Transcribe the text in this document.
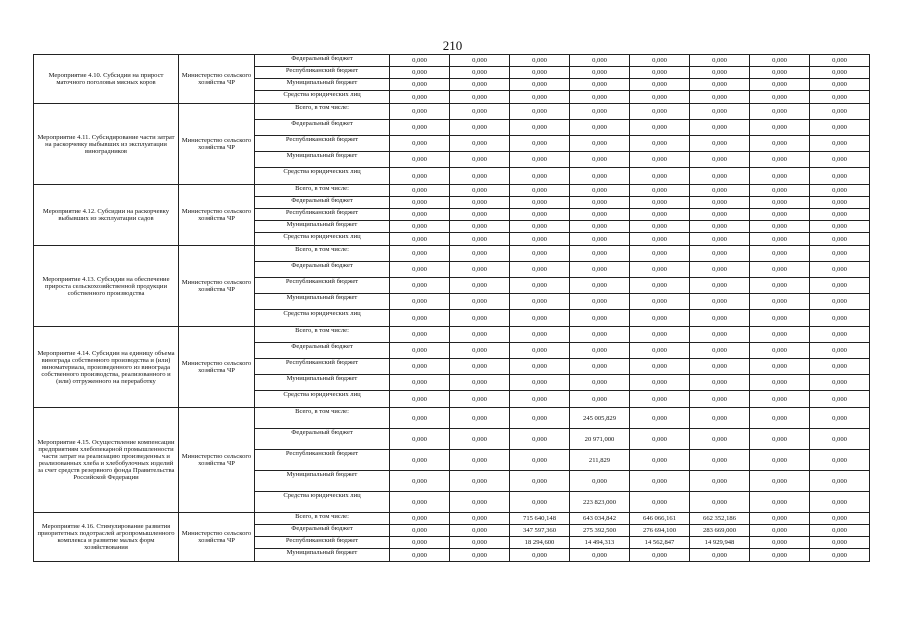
210
Мероприятие 4.10. Субсидии на прирост маточного поголовья мясных коров	Министерство сельского хозяйства ЧР	Федеральный бюджет	0,000	0,000	0,000	0,000	0,000	0,000	0,000	0,000
		Республиканский бюджет	0,000	0,000	0,000	0,000	0,000	0,000	0,000	0,000
		Муниципальный бюджет	0,000	0,000	0,000	0,000	0,000	0,000	0,000	0,000
		Средства юридических лиц	0,000	0,000	0,000	0,000	0,000	0,000	0,000	0,000

Мероприятие 4.11. Субсидирование части затрат на раскорчевку выбывших из эксплуатации виноградников	Министерство сельского хозяйства ЧР	Всего, в том числе:	0,000	0,000	0,000	0,000	0,000	0,000	0,000	0,000
		Федеральный бюджет	0,000	0,000	0,000	0,000	0,000	0,000	0,000	0,000
		Республиканский бюджет	0,000	0,000	0,000	0,000	0,000	0,000	0,000	0,000
		Муниципальный бюджет	0,000	0,000	0,000	0,000	0,000	0,000	0,000	0,000
		Средства юридических лиц	0,000	0,000	0,000	0,000	0,000	0,000	0,000	0,000

Мероприятие 4.12. Субсидии на раскорчевку выбывших из эксплуатации садов	Министерство сельского хозяйства ЧР	Всего, в том числе:	0,000	0,000	0,000	0,000	0,000	0,000	0,000	0,000
		Федеральный бюджет	0,000	0,000	0,000	0,000	0,000	0,000	0,000	0,000
		Республиканский бюджет	0,000	0,000	0,000	0,000	0,000	0,000	0,000	0,000
		Муниципальный бюджет	0,000	0,000	0,000	0,000	0,000	0,000	0,000	0,000
		Средства юридических лиц	0,000	0,000	0,000	0,000	0,000	0,000	0,000	0,000

Мероприятие 4.13. Субсидии на обеспечение прироста сельскохозяйственной продукции собственного производства	Министерство сельского хозяйства ЧР	Всего, в том числе:	0,000	0,000	0,000	0,000	0,000	0,000	0,000	0,000
		Федеральный бюджет	0,000	0,000	0,000	0,000	0,000	0,000	0,000	0,000
		Республиканский бюджет	0,000	0,000	0,000	0,000	0,000	0,000	0,000	0,000
		Муниципальный бюджет	0,000	0,000	0,000	0,000	0,000	0,000	0,000	0,000
		Средства юридических лиц	0,000	0,000	0,000	0,000	0,000	0,000	0,000	0,000

Мероприятие 4.14. Субсидии на единицу объема винограда собственного производства и (или) виноматериала, произведенного из винограда собственного производства, реализованного и (или) отгруженного на переработку	Министерство сельского хозяйства ЧР	Всего, в том числе:	0,000	0,000	0,000	0,000	0,000	0,000	0,000	0,000
		Федеральный бюджет	0,000	0,000	0,000	0,000	0,000	0,000	0,000	0,000
		Республиканский бюджет	0,000	0,000	0,000	0,000	0,000	0,000	0,000	0,000
		Муниципальный бюджет	0,000	0,000	0,000	0,000	0,000	0,000	0,000	0,000
		Средства юридических лиц	0,000	0,000	0,000	0,000	0,000	0,000	0,000	0,000

Мероприятие 4.15. Осуществление компенсации предприятиям хлебопекарной промышленности части затрат на реализацию произведенных и реализованных хлеба и хлебобулочных изделий за счет средств резервного фонда Правительства Российской Федерации	Министерство сельского хозяйства ЧР	Всего, в том числе:	0,000	0,000	0,000	245 005,829	0,000	0,000	0,000	0,000
		Федеральный бюджет	0,000	0,000	0,000	20 971,000	0,000	0,000	0,000	0,000
		Республиканский бюджет	0,000	0,000	0,000	211,829	0,000	0,000	0,000	0,000
		Муниципальный бюджет	0,000	0,000	0,000	0,000	0,000	0,000	0,000	0,000
		Средства юридических лиц	0,000	0,000	0,000	223 823,000	0,000	0,000	0,000	0,000

Мероприятие 4.16. Стимулирование развития приоритетных подотраслей агропромышленного комплекса и развитие малых форм хозяйствования	Министерство сельского хозяйства ЧР	Всего, в том числе:	0,000	0,000	715 640,148	643 034,842	646 066,161	662 352,186	0,000	0,000
		Федеральный бюджет	0,000	0,000	347 597,360	275 392,500	276 694,100	283 669,000	0,000	0,000
		Республиканский бюджет	0,000	0,000	18 294,600	14 494,313	14 562,847	14 929,948	0,000	0,000
		Муниципальный бюджет	0,000	0,000	0,000	0,000	0,000	0,000	0,000	0,000
